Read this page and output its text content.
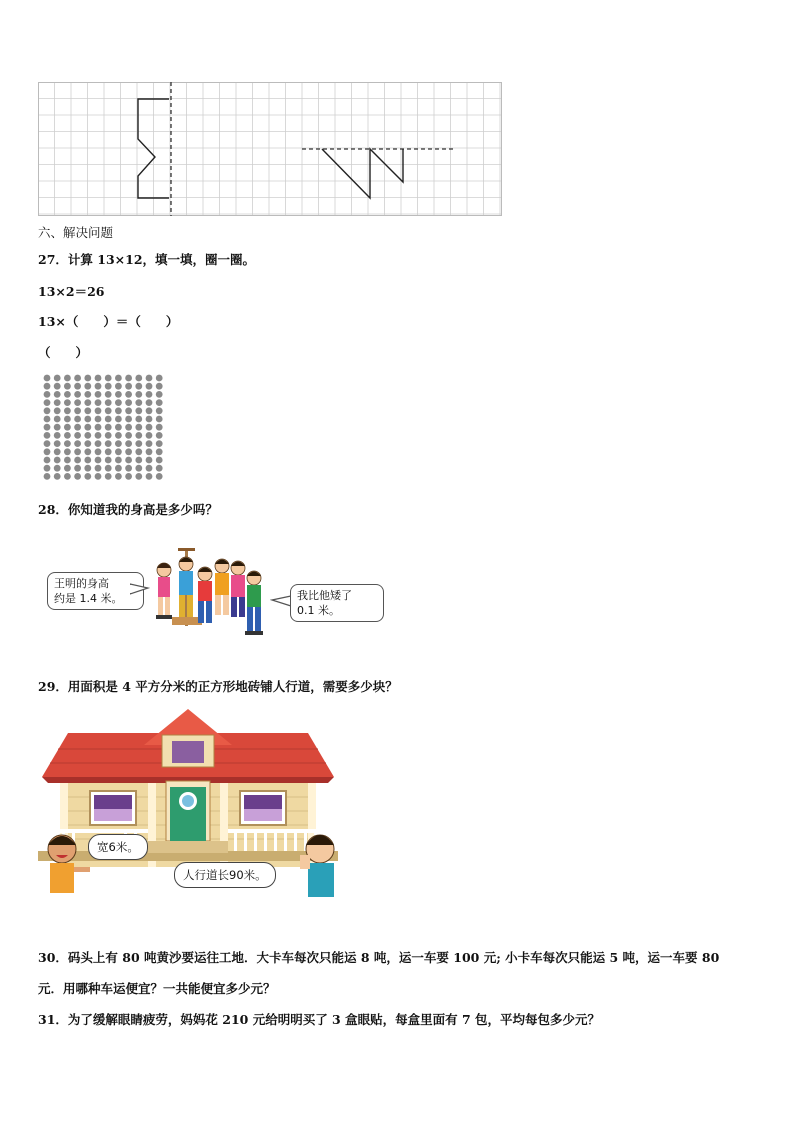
六、解决问题
27．计算 13×12，填一填，圈一圈。
13×2＝26
13×（　　）＝（　　）
（　　）
28．你知道我的身高是多少吗？
王明的身高
约是 1.4 米。	我比他矮了
0.1 米。
29．用面积是 4 平方分米的正方形地砖铺人行道，需要多少块？
宽6米。
人行道长90米。
30．码头上有 80 吨黄沙要运往工地．大卡车每次只能运 8 吨，运一车要 100 元; 小卡车每次只能运 5 吨，运一车要 80
元．用哪种车运便宜？一共能便宜多少元？
31．为了缓解眼睛疲劳，妈妈花 210 元给明明买了 3 盒眼贴，每盒里面有 7 包，平均每包多少元？
